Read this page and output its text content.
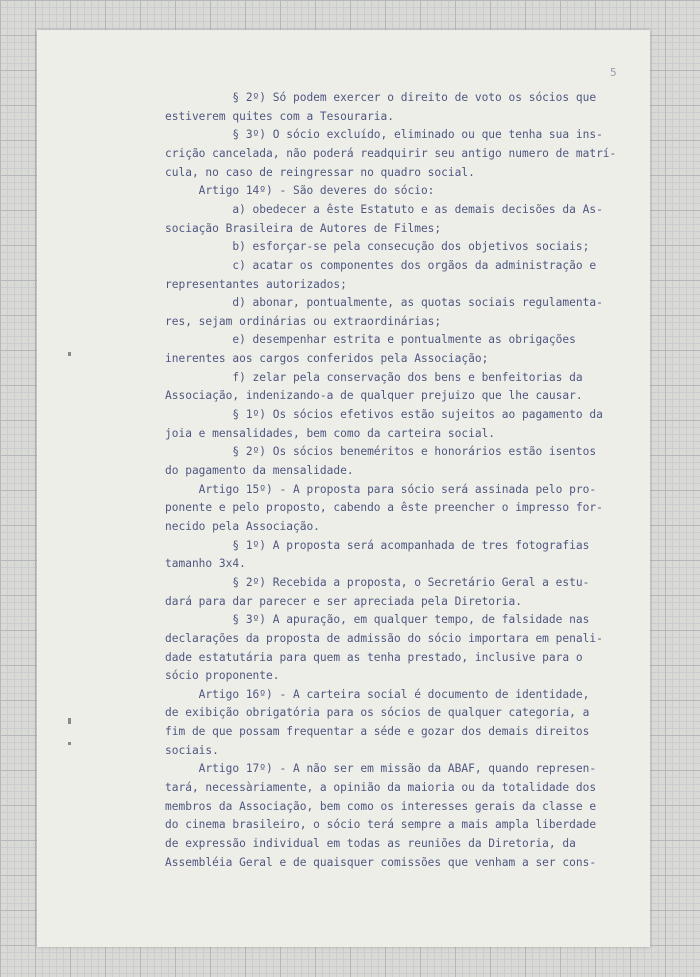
5
§ 2º) Só podem exercer o direito de voto os sócios que
estiverem quites com a Tesouraria.
§ 3º) O sócio excluído, eliminado ou que tenha sua ins-
crição cancelada, não poderá readquirir seu antigo numero de matrí-
cula, no caso de reingressar no quadro social.
Artigo 14º) - São deveres do sócio:
a) obedecer a êste Estatuto e as demais decisões da As-
sociação Brasileira de Autores de Filmes;
b) esforçar-se pela consecução dos objetivos sociais;
c) acatar os componentes dos orgãos da administração e
representantes autorizados;
d) abonar, pontualmente, as quotas sociais regulamenta-
res, sejam ordinárias ou extraordinárias;
e) desempenhar estrita e pontualmente as obrigações
inerentes aos cargos conferidos pela Associação;
f) zelar pela conservação dos bens e benfeitorias da
Associação, indenizando-a de qualquer prejuizo que lhe causar.
§ 1º) Os sócios efetivos estão sujeitos ao pagamento da
joia e mensalidades, bem como da carteira social.
§ 2º) Os sócios beneméritos e honorários estão isentos
do pagamento da mensalidade.
Artigo 15º) - A proposta para sócio será assinada pelo pro-
ponente e pelo proposto, cabendo a êste preencher o impresso for-
necido pela Associação.
§ 1º) A proposta será acompanhada de tres fotografias
tamanho 3x4.
§ 2º) Recebida a proposta, o Secretário Geral a estu-
dará para dar parecer e ser apreciada pela Diretoria.
§ 3º) A apuração, em qualquer tempo, de falsidade nas
declarações da proposta de admissão do sócio importara em penali-
dade estatutária para quem as tenha prestado, inclusive para o
sócio proponente.
Artigo 16º) - A carteira social é documento de identidade,
de exibição obrigatória para os sócios de qualquer categoria, a
fim de que possam frequentar a séde e gozar dos demais direitos
sociais.
Artigo 17º) - A não ser em missão da ABAF, quando represen-
tará, necessàriamente, a opinião da maioria ou da totalidade dos
membros da Associação, bem como os interesses gerais da classe e
do cinema brasileiro, o sócio terá sempre a mais ampla liberdade
de expressão individual em todas as reuniões da Diretoria, da
Assembléia Geral e de quaisquer comissões que venham a ser cons-
